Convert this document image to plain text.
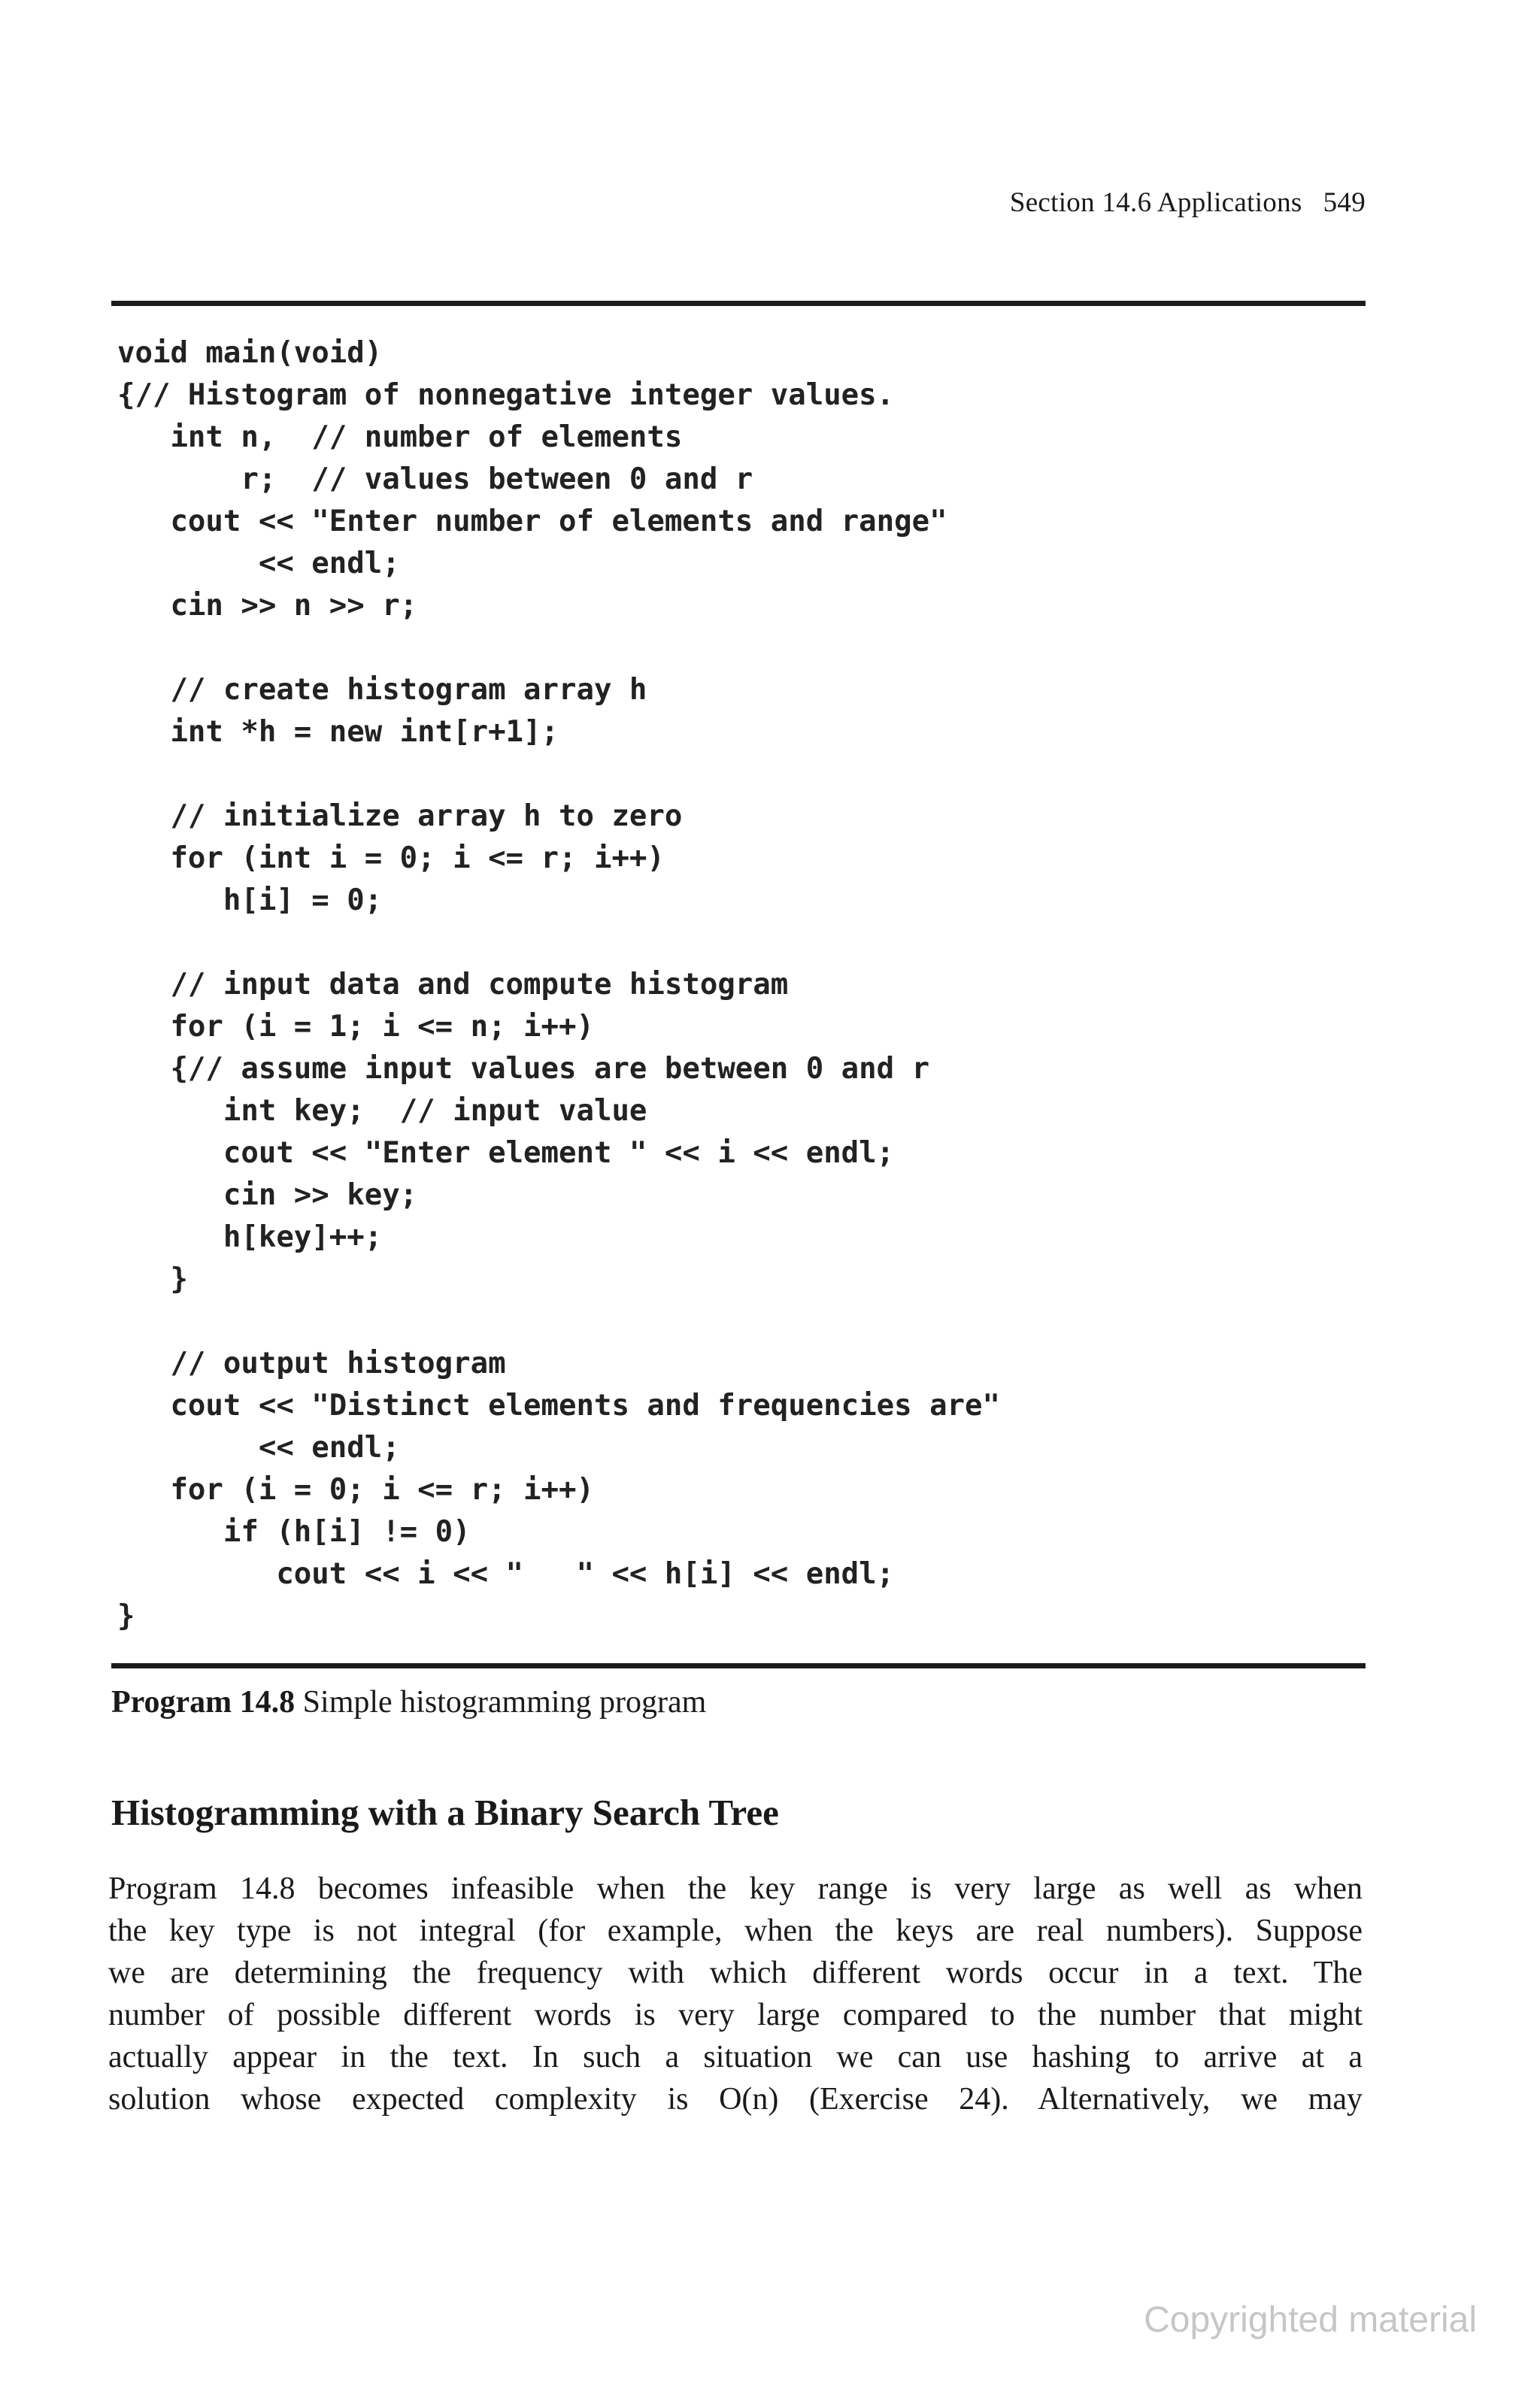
Section 14.6 Applications 549
void main(void)
{// Histogram of nonnegative integer values.
int n,  // number of elements
r;  // values between 0 and r
cout << "Enter number of elements and range"
<< endl;
cin >> n >> r;

// create histogram array h
int *h = new int[r+1];

// initialize array h to zero
for (int i = 0; i <= r; i++)
h[i] = 0;

// input data and compute histogram
for (i = 1; i <= n; i++)
{// assume input values are between 0 and r
int key;  // input value
cout << "Enter element " << i << endl;
cin >> key;
h[key]++;
}

// output histogram
cout << "Distinct elements and frequencies are"
<< endl;
for (i = 0; i <= r; i++)
if (h[i] != 0)
cout << i << "   " << h[i] << endl;
}
Program 14.8 Simple histogramming program
Histogramming with a Binary Search Tree
Program 14.8 becomes infeasible when the key range is very large as well as when
the key type is not integral (for example, when the keys are real numbers). Suppose
we are determining the frequency with which different words occur in a text. The
number of possible different words is very large compared to the number that might
actually appear in the text. In such a situation we can use hashing to arrive at a
solution whose expected complexity is O(n) (Exercise 24). Alternatively, we may
Copyrighted material
